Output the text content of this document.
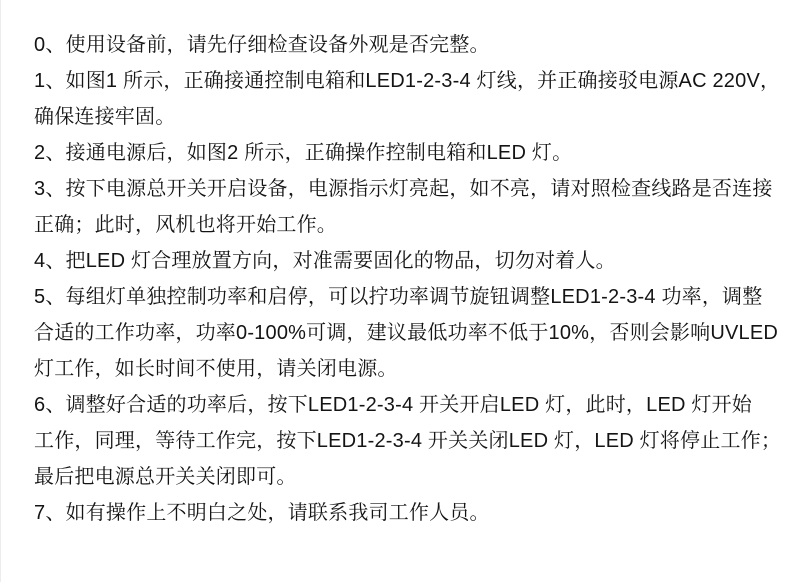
0、使用设备前，请先仔细检查设备外观是否完整。
1、如图1 所示，正确接通控制电箱和LED1-2-3-4 灯线，并正确接驳电源AC 220V，
确保连接牢固。
2、接通电源后，如图2 所示，正确操作控制电箱和LED 灯。
3、按下电源总开关开启设备，电源指示灯亮起，如不亮，请对照检查线路是否连接
正确；此时，风机也将开始工作。
4、把LED 灯合理放置方向，对准需要固化的物品，切勿对着人。
5、每组灯单独控制功率和启停，可以拧功率调节旋钮调整LED1-2-3-4 功率，调整
合适的工作功率，功率0-100%可调，建议最低功率不低于10%，否则会影响UVLED
灯工作，如长时间不使用，请关闭电源。
6、调整好合适的功率后，按下LED1-2-3-4 开关开启LED 灯，此时，LED 灯开始
工作，同理，等待工作完，按下LED1-2-3-4 开关关闭LED 灯，LED 灯将停止工作；
最后把电源总开关关闭即可。
7、如有操作上不明白之处，请联系我司工作人员。
